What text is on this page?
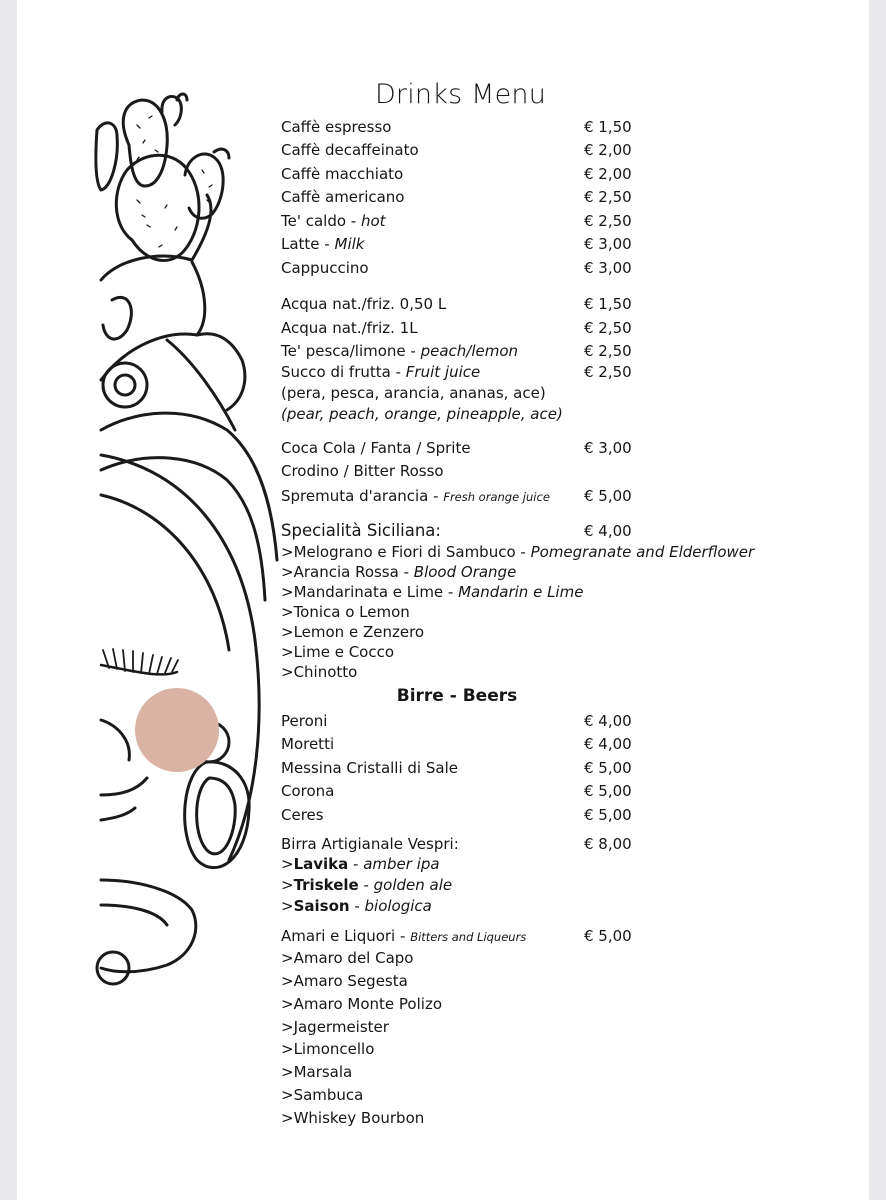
Drinks Menu
Caffè espresso	€ 1,50
Caffè decaffeinato	€ 2,00
Caffè macchiato	€ 2,00
Caffè americano	€ 2,50
Te' caldo - hot	€ 2,50
Latte - Milk	€ 3,00
Cappuccino	€ 3,00
Acqua nat./friz. 0,50 L	€ 1,50
Acqua nat./friz. 1L	€ 2,50
Te' pesca/limone - peach/lemon	€ 2,50
Succo di frutta - Fruit juice	€ 2,50
(pera, pesca, arancia, ananas, ace)
(pear, peach, orange, pineapple, ace)
Coca Cola / Fanta / Sprite	€ 3,00
Crodino / Bitter Rosso
Spremuta d'arancia - Fresh orange juice € 5,00
Specialità Siciliana:	€ 4,00
>Melograno e Fiori di Sambuco - Pomegranate and Elderflower
>Arancia Rossa - Blood Orange
>Mandarinata e Lime - Mandarin e Lime
>Tonica o Lemon
>Lemon e Zenzero
>Lime e Cocco
>Chinotto
Birre - Beers
Peroni	€ 4,00
Moretti	€ 4,00
Messina Cristalli di Sale	€ 5,00
Corona	€ 5,00
Ceres	€ 5,00
Birra Artigianale Vespri:	€ 8,00
>Lavika - amber ipa
>Triskele - golden ale
>Saison - biologica
Amari e Liquori - Bitters and Liqueurs	€ 5,00
>Amaro del Capo
>Amaro Segesta
>Amaro Monte Polizo
>Jagermeister
>Limoncello
>Marsala
>Sambuca
>Whiskey Bourbon
